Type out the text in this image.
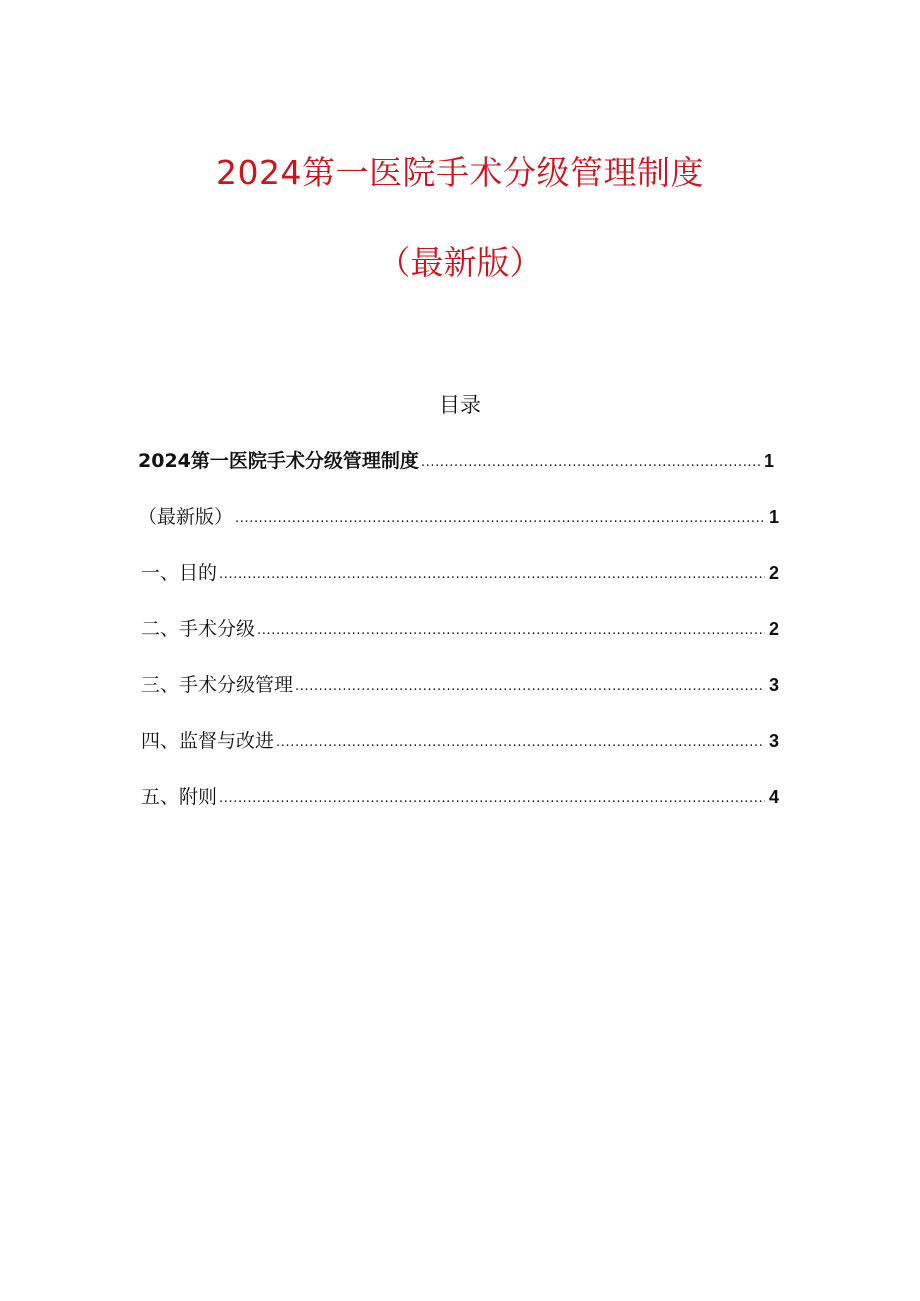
2024第一医院手术分级管理制度
（最新版）
目录
2024第一医院手术分级管理制度 .....	1
（最新版） .....	1
一、目的 .....	2
二、手术分级 .....	2
三、手术分级管理 .....	3
四、监督与改进 .....	3
五、附则 .....	4
